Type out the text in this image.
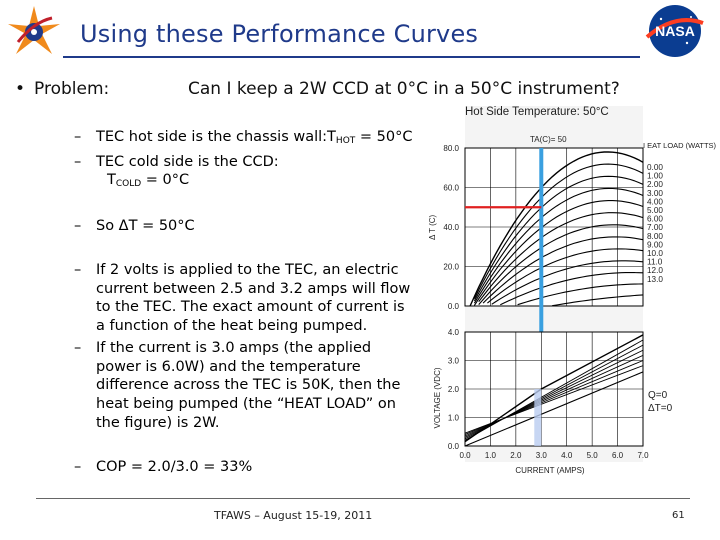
NASA
Using these Performance Curves
• Problem:	Can I keep a 2W CCD at 0°C in a 50°C instrument?
– TEC hot side is the chassis $wall:T_{HOT} = 50^\circ C$
– TEC cold side is the CCD:
$T_{COLD} = 0^\circ C$
– So ΔT = 50°C
– If 2 volts is applied to the TEC, an electric current between 2.5 and 3.2 amps will flow to the TEC. The exact amount of current is a function of the heat being pumped.
– If the current is 3.0 amps (the applied power is 6.0W) and the temperature difference across the TEC is 50K, then the heat being pumped (the “HEAT LOAD” on the figure) is 2W.
– COP = 2.0/3.0 = 33%
Hot Side Temperature: 50°C
TA(C)= 50
80.0
60.0
40.0
20.0
0.0
4.0
3.0
2.0
1.0
0.0
0.0 1.0 2.0 3.0 4.0 5.0 6.0 7.0
0.00
1.00
2.00
3.00
4.00
5.00
6.00
7.00
8.00
9.00
10.0
11.0
12.0
13.0
I EAT LOAD (WATTS)
Δ T (C)
VOLTAGE (VDC)
CURRENT (AMPS)
Q=0
ΔT=0
TFAWS – August 15-19, 2011	61
